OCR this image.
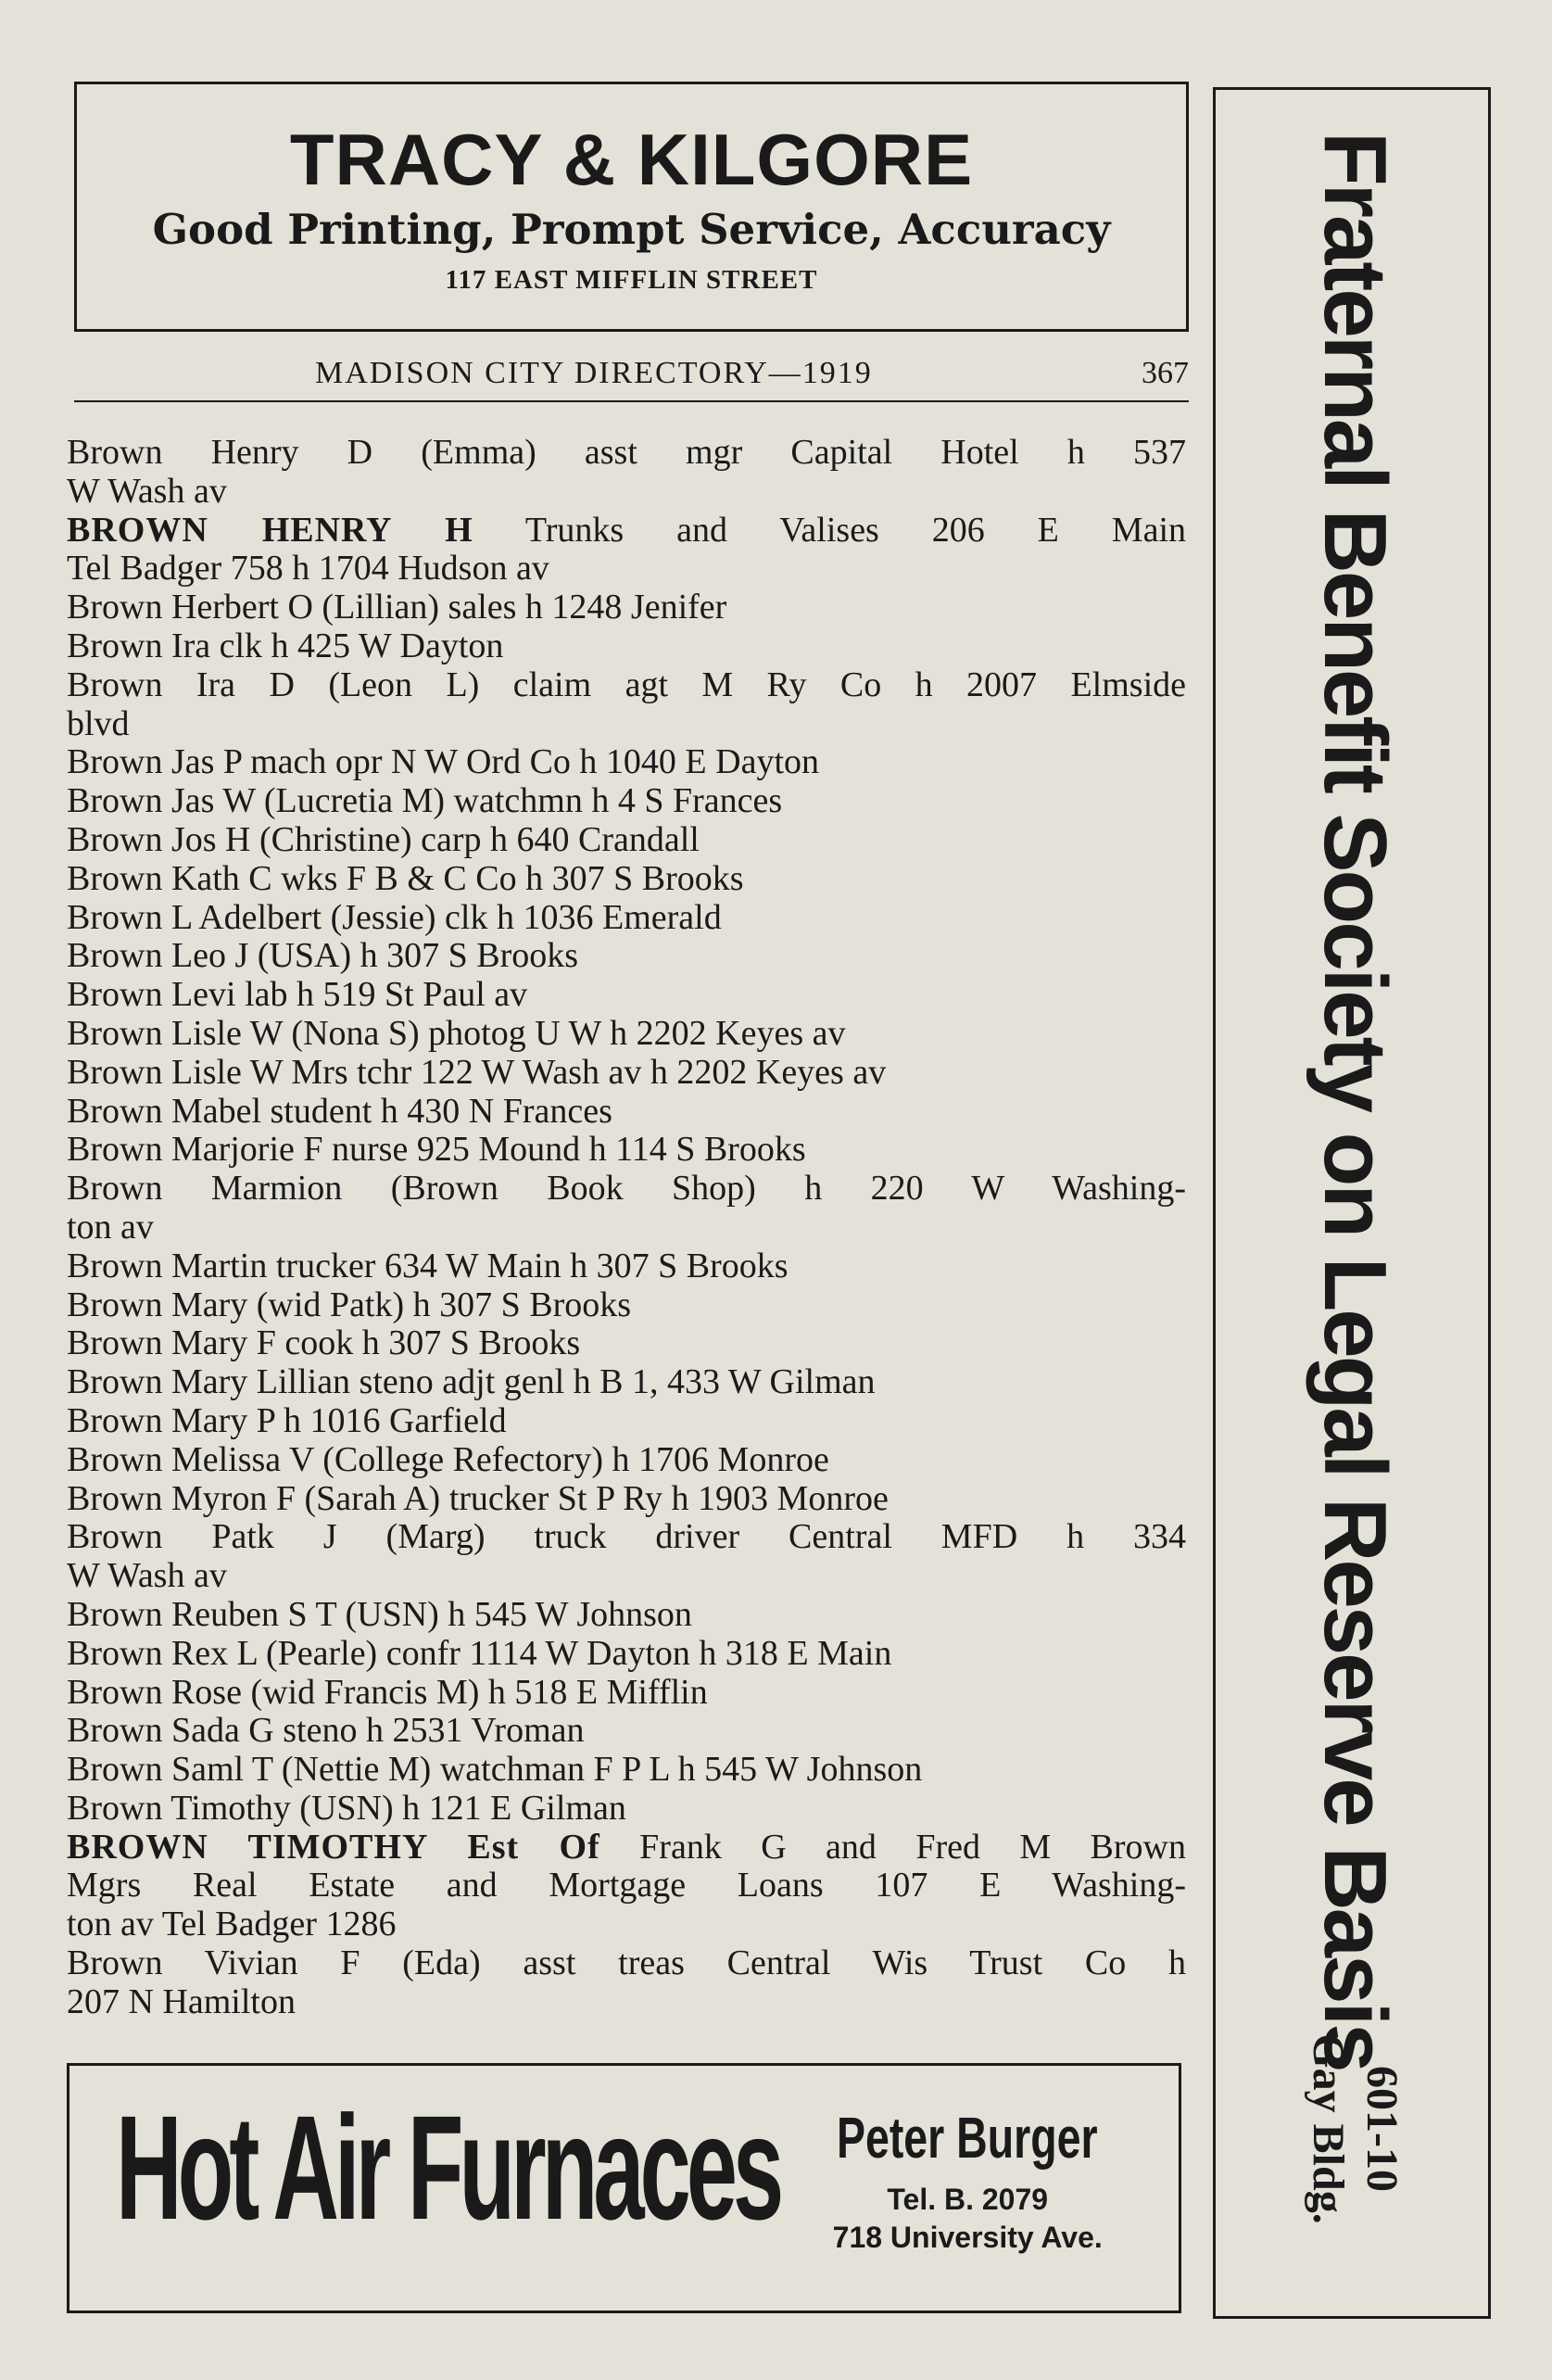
TRACY & KILGORE
Good Printing, Prompt Service, Accuracy
117 EAST MIFFLIN STREET
MADISON CITY DIRECTORY—1919	367
Brown Henry D (Emma) asst mgr Capital Hotel h 537
W Wash av
BROWN HENRY H Trunks and Valises 206 E Main
Tel Badger 758 h 1704 Hudson av
Brown Herbert O (Lillian) sales h 1248 Jenifer
Brown Ira clk h 425 W Dayton
Brown Ira D (Leon L) claim agt M Ry Co h 2007 Elmside
blvd
Brown Jas P mach opr N W Ord Co h 1040 E Dayton
Brown Jas W (Lucretia M) watchmn h 4 S Frances
Brown Jos H (Christine) carp h 640 Crandall
Brown Kath C wks F B & C Co h 307 S Brooks
Brown L Adelbert (Jessie) clk h 1036 Emerald
Brown Leo J (USA) h 307 S Brooks
Brown Levi lab h 519 St Paul av
Brown Lisle W (Nona S) photog U W h 2202 Keyes av
Brown Lisle W Mrs tchr 122 W Wash av h 2202 Keyes av
Brown Mabel student h 430 N Frances
Brown Marjorie F nurse 925 Mound h 114 S Brooks
Brown Marmion (Brown Book Shop) h 220 W Washing-
ton av
Brown Martin trucker 634 W Main h 307 S Brooks
Brown Mary (wid Patk) h 307 S Brooks
Brown Mary F cook h 307 S Brooks
Brown Mary Lillian steno adjt genl h B 1, 433 W Gilman
Brown Mary P h 1016 Garfield
Brown Melissa V (College Refectory) h 1706 Monroe
Brown Myron F (Sarah A) trucker St P Ry h 1903 Monroe
Brown Patk J (Marg) truck driver Central MFD h 334
W Wash av
Brown Reuben S T (USN) h 545 W Johnson
Brown Rex L (Pearle) confr 1114 W Dayton h 318 E Main
Brown Rose (wid Francis M) h 518 E Mifflin
Brown Sada G steno h 2531 Vroman
Brown Saml T (Nettie M) watchman F P L h 545 W Johnson
Brown Timothy (USN) h 121 E Gilman
BROWN TIMOTHY Est Of Frank G and Fred M Brown
Mgrs Real Estate and Mortgage Loans 107 E Washing-
ton av Tel Badger 1286
Brown Vivian F (Eda) asst treas Central Wis Trust Co h
207 N Hamilton	Fraternal Benefit Society on Legal Reserve Basis
601-10
Gay Bldg.
Hot Air Furnaces Peter Burger
Tel. B. 2079
718 University Ave.
